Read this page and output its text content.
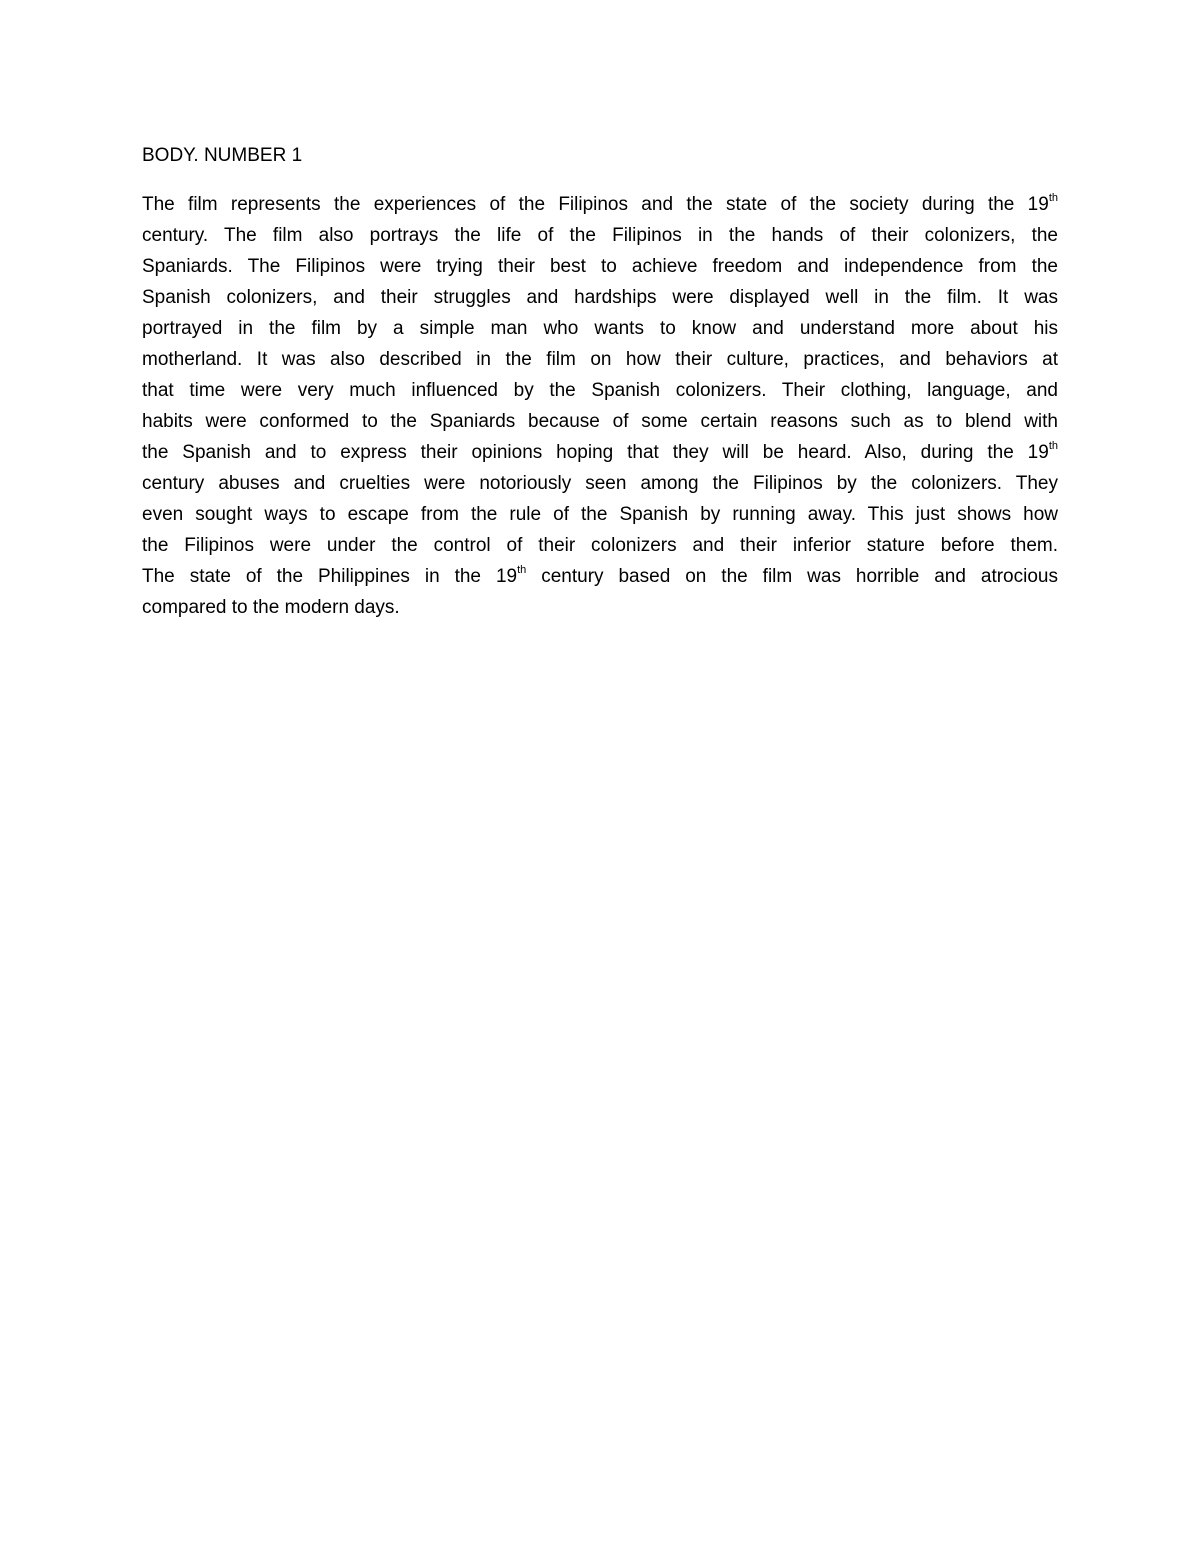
BODY. NUMBER 1
The film represents the experiences of the Filipinos and the state of the society during the 19th
century. The film also portrays the life of the Filipinos in the hands of their colonizers, the
Spaniards. The Filipinos were trying their best to achieve freedom and independence from the
Spanish colonizers, and their struggles and hardships were displayed well in the film. It was
portrayed in the film by a simple man who wants to know and understand more about his
motherland. It was also described in the film on how their culture, practices, and behaviors at
that time were very much influenced by the Spanish colonizers. Their clothing, language, and
habits were conformed to the Spaniards because of some certain reasons such as to blend with
the Spanish and to express their opinions hoping that they will be heard. Also, during the 19th
century abuses and cruelties were notoriously seen among the Filipinos by the colonizers. They
even sought ways to escape from the rule of the Spanish by running away. This just shows how
the Filipinos were under the control of their colonizers and their inferior stature before them.
The state of the Philippines in the 19th century based on the film was horrible and atrocious
compared to the modern days.
